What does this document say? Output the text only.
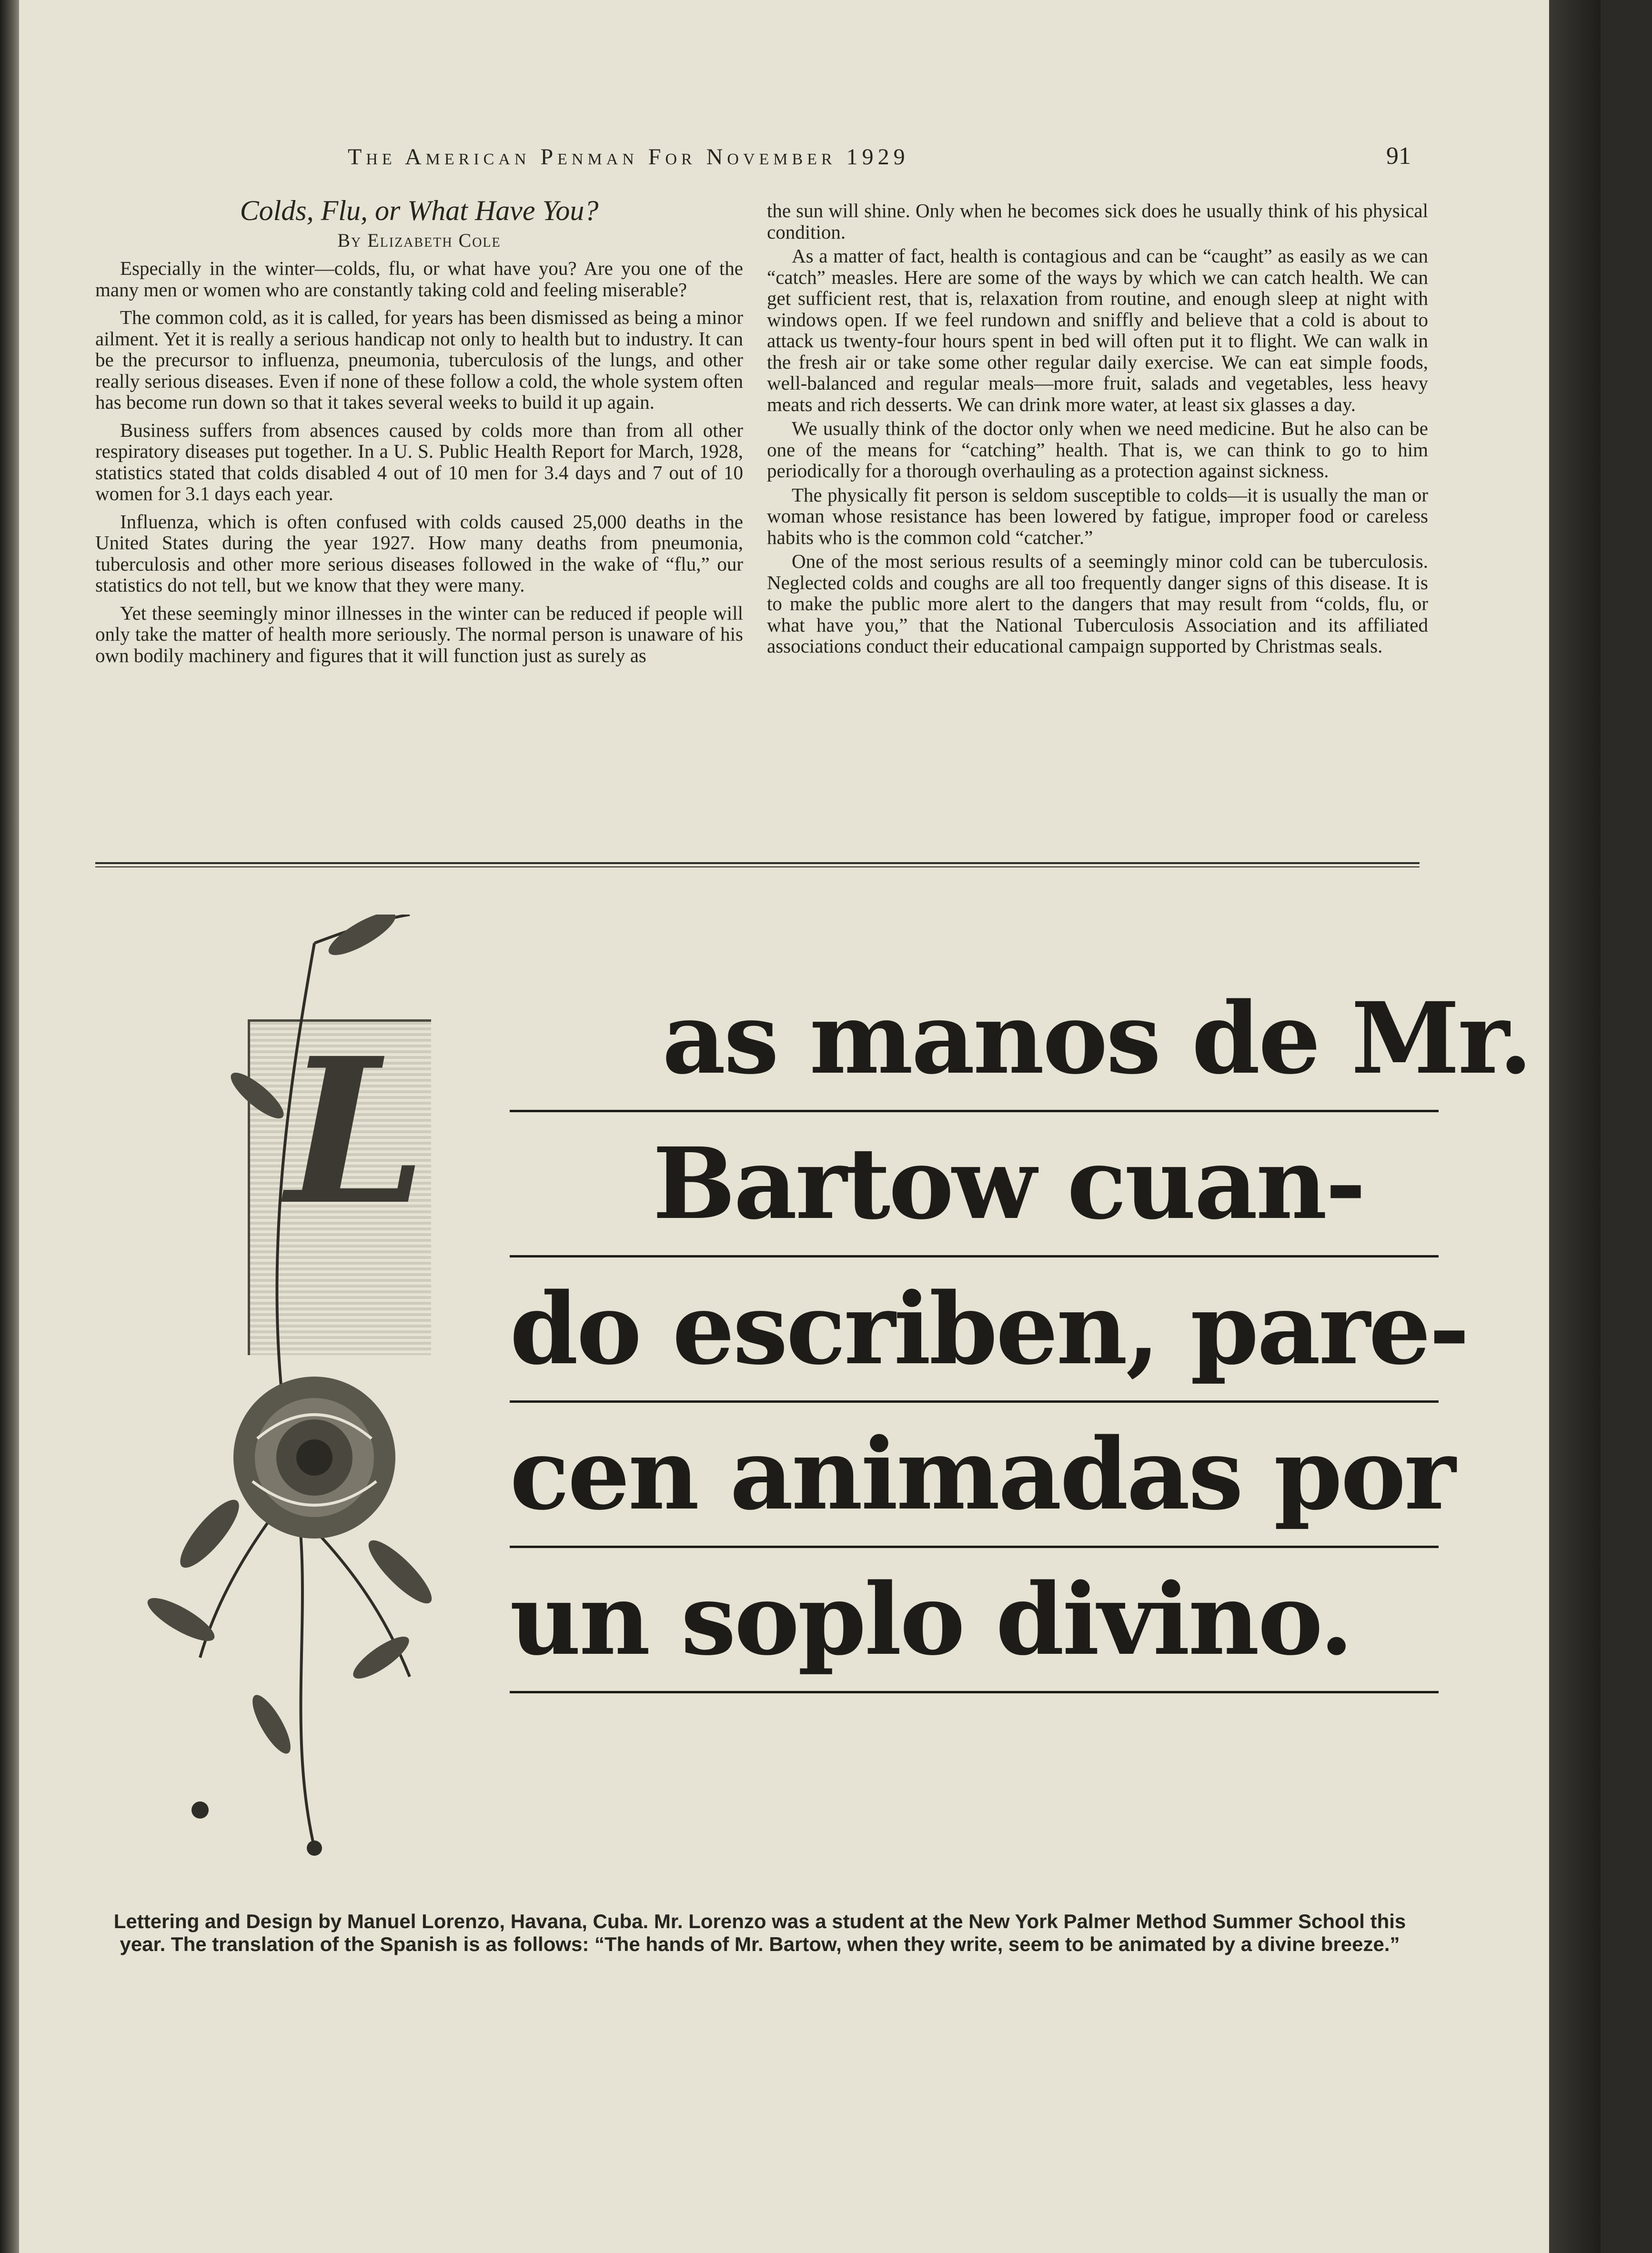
The American Penman For November 1929	91
Colds, Flu, or What Have You?
By Elizabeth Cole

Especially in the winter—colds, flu, or what have you? Are you one of the many men or women who are constantly taking cold and feeling miserable?

The common cold, as it is called, for years has been dismissed as being a minor ailment. Yet it is really a serious handicap not only to health but to industry. It can be the precursor to influenza, pneumonia, tuberculosis of the lungs, and other really serious diseases. Even if none of these follow a cold, the whole system often has become run down so that it takes several weeks to build it up again.

Business suffers from absences caused by colds more than from all other respiratory diseases put together. In a U. S. Public Health Report for March, 1928, statistics stated that colds disabled 4 out of 10 men for 3.4 days and 7 out of 10 women for 3.1 days each year.

Influenza, which is often confused with colds caused 25,000 deaths in the United States during the year 1927. How many deaths from pneumonia, tuberculosis and other more serious diseases followed in the wake of “flu,” our statistics do not tell, but we know that they were many.

Yet these seemingly minor illnesses in the winter can be reduced if people will only take the matter of health more seriously. The normal person is unaware of his own bodily machinery and figures that it will function just as surely as

the sun will shine. Only when he becomes sick does he usually think of his physical condition.

As a matter of fact, health is contagious and can be “caught” as easily as we can “catch” measles. Here are some of the ways by which we can catch health. We can get sufficient rest, that is, relaxation from routine, and enough sleep at night with windows open. If we feel rundown and sniffly and believe that a cold is about to attack us twenty-four hours spent in bed will often put it to flight. We can walk in the fresh air or take some other regular daily exercise. We can eat simple foods, well-balanced and regular meals—more fruit, salads and vegetables, less heavy meats and rich desserts. We can drink more water, at least six glasses a day.

We usually think of the doctor only when we need medicine. But he also can be one of the means for “catching” health. That is, we can think to go to him periodically for a thorough overhauling as a protection against sickness.

The physically fit person is seldom susceptible to colds—it is usually the man or woman whose resistance has been lowered by fatigue, improper food or careless habits who is the common cold “catcher.”

One of the most serious results of a seemingly minor cold can be tuberculosis. Neglected colds and coughs are all too frequently danger signs of this disease. It is to make the public more alert to the dangers that may result from “colds, flu, or what have you,” that the National Tuberculosis Association and its affiliated associations conduct their educational campaign supported by Christmas seals.

L	as manos de Mr.
Bartow cuan-
do escriben, pare-
cen animadas por
un soplo divino.
Lettering and Design by Manuel Lorenzo, Havana, Cuba. Mr. Lorenzo was a student at the New York Palmer Method Summer School this year. The translation of the Spanish is as follows: “The hands of Mr. Bartow, when they write, seem to be animated by a divine breeze.”
